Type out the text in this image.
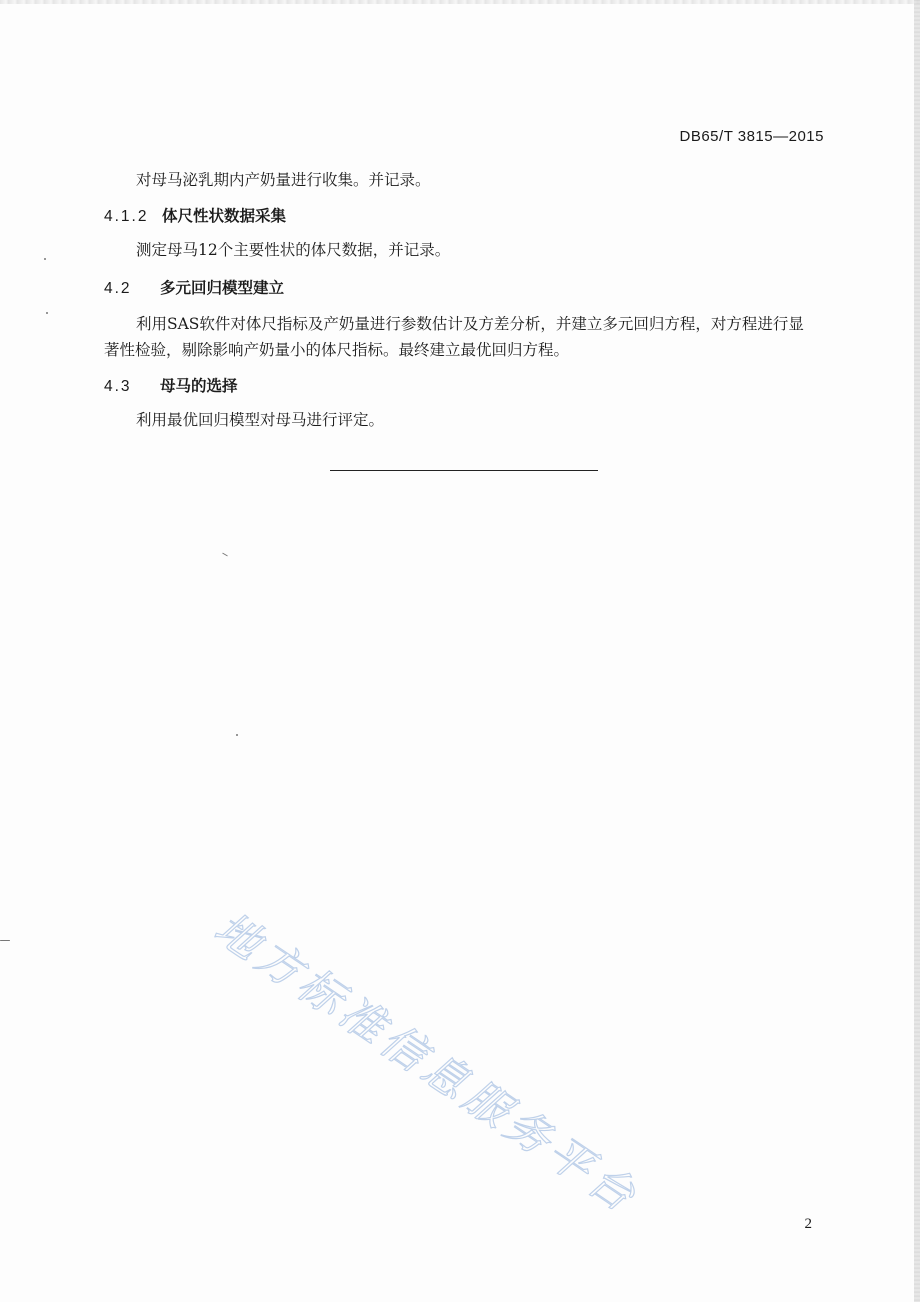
DB65/T 3815—2015
对母马泌乳期内产奶量进行收集。并记录。
4.1.2 体尺性状数据采集
测定母马12个主要性状的体尺数据，并记录。
4.2 多元回归模型建立
利用SAS软件对体尺指标及产奶量进行参数估计及方差分析，并建立多元回归方程，对方程进行显
著性检验，剔除影响产奶量小的体尺指标。最终建立最优回归方程。
4.3 母马的选择
利用最优回归模型对母马进行评定。
地方标准信息服务平台	2
